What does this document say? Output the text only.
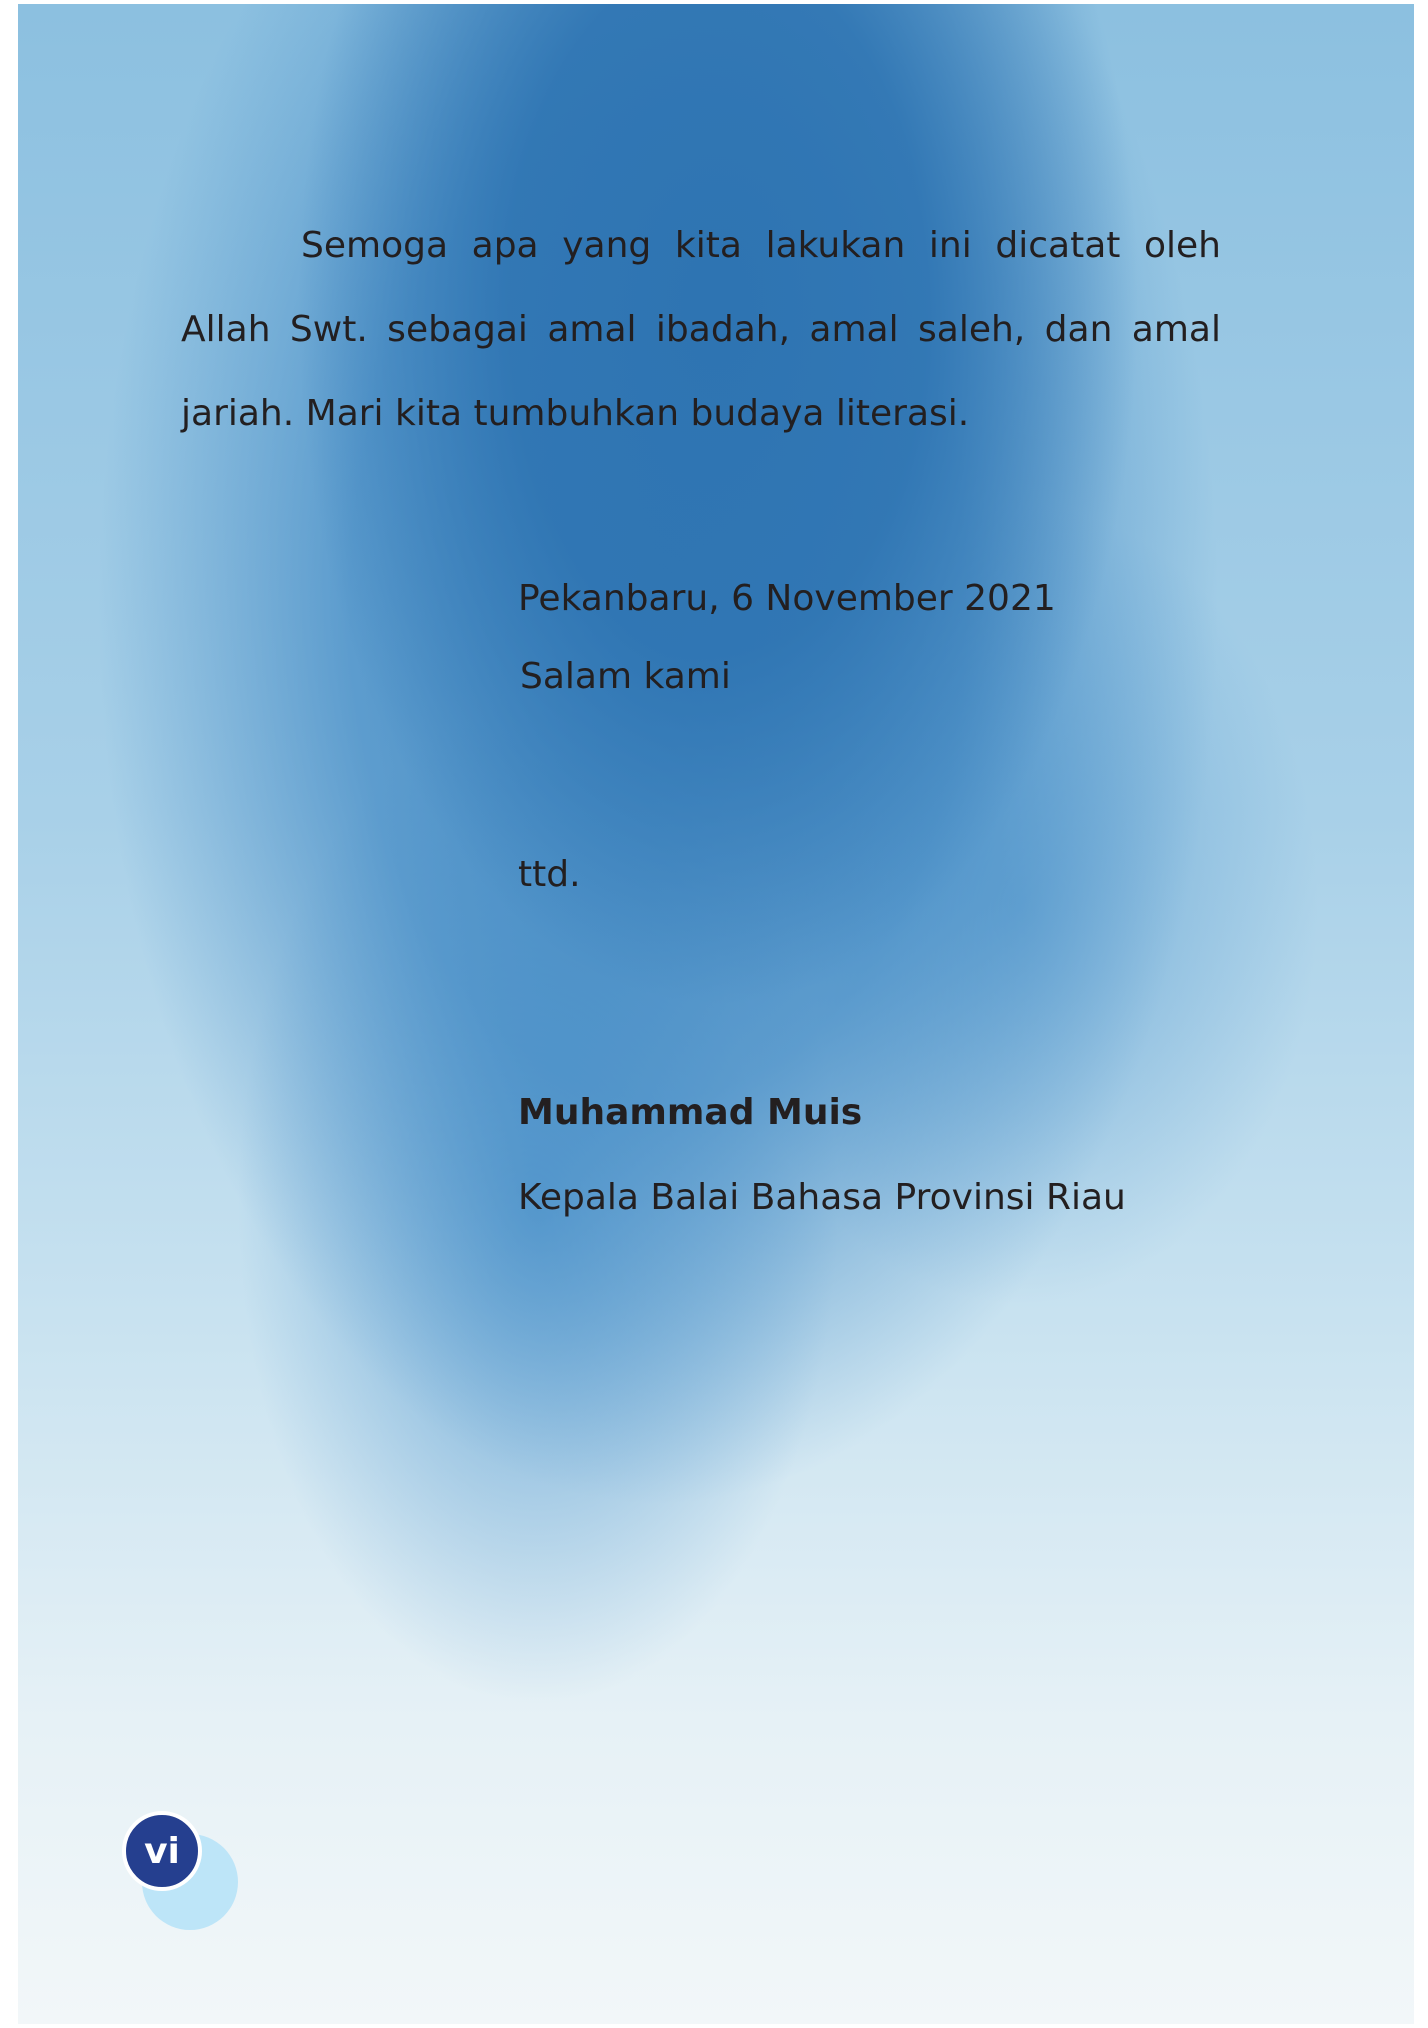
Semoga apa yang kita lakukan ini dicatat oleh Allah Swt. sebagai amal ibadah, amal saleh, dan amal jariah. Mari kita tumbuhkan budaya literasi.
Pekanbaru, 6 November 2021
Salam kami
ttd.
Muhammad Muis
Kepala Balai Bahasa Provinsi Riau
vi
